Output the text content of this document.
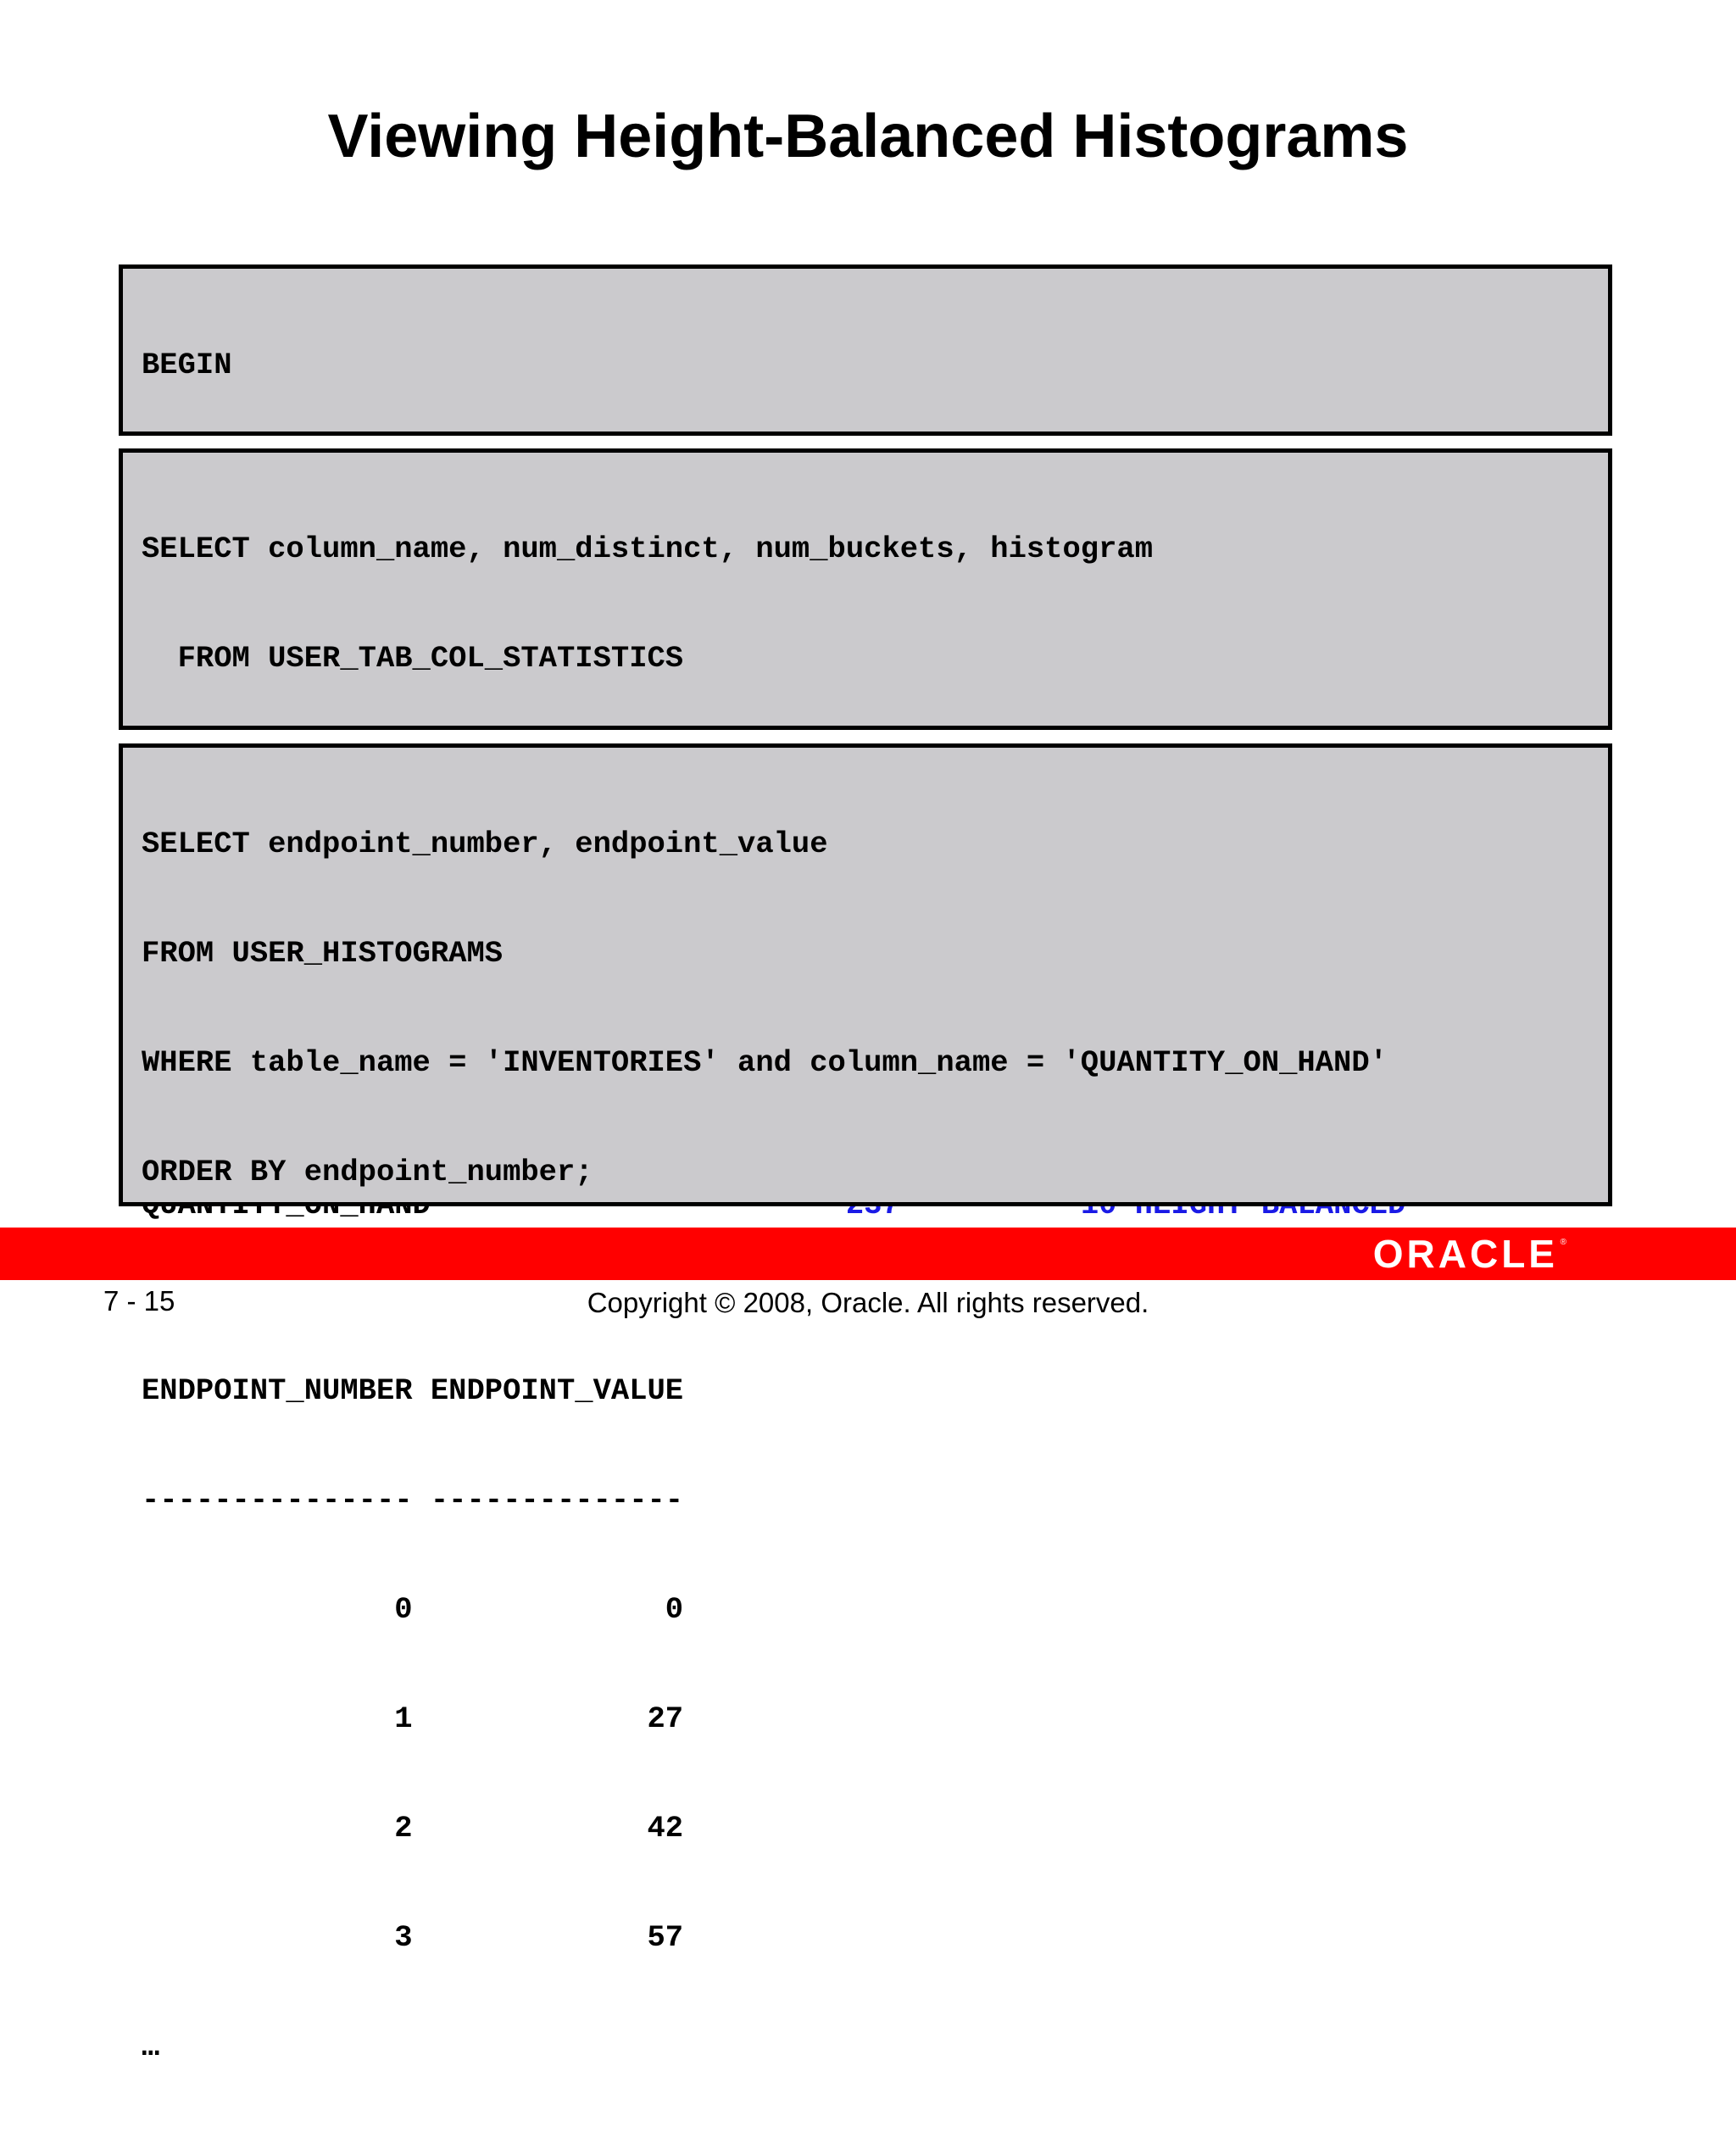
Viewing Height-Balanced Histograms

BEGIN

SELECT column_name, num_distinct, num_buckets, histogram

FROM USER_TAB_COL_STATISTICS

SELECT endpoint_number, endpoint_value

FROM USER_HISTOGRAMS

WHERE table_name = 'INVENTORIES' and column_name = 'QUANTITY_ON_HAND'

ORDER BY endpoint_number;

ENDPOINT_NUMBER ENDPOINT_VALUE

--------------- --------------

0              0

1             27

2             42

3             57

…

ORACLE ®
7 - 15	Copyright © 2008, Oracle. All rights reserved.
